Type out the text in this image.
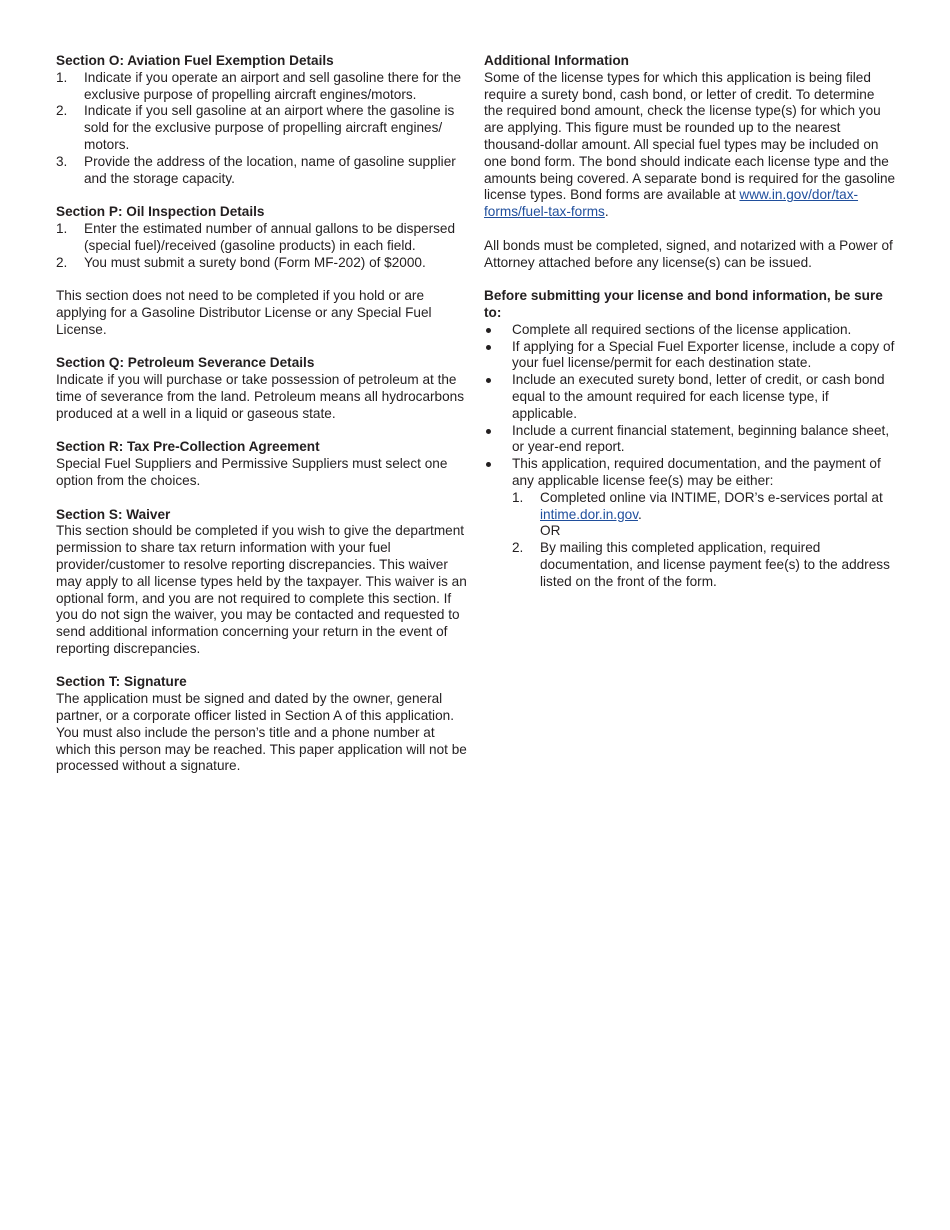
Section O: Aviation Fuel Exemption Details

1.	Indicate if you operate an airport and sell gasoline there for the exclusive purpose of propelling aircraft engines/motors.
2.	Indicate if you sell gasoline at an airport where the gasoline is sold for the exclusive purpose of propelling aircraft engines/ motors.
3.	Provide the address of the location, name of gasoline supplier and the storage capacity.

Section P: Oil Inspection Details

1.	Enter the estimated number of annual gallons to be dispersed (special fuel)/received (gasoline products) in each field.
2.	You must submit a surety bond (Form MF-202) of $2000.

This section does not need to be completed if you hold or are applying for a Gasoline Distributor License or any Special Fuel License.

Section Q: Petroleum Severance Details

Indicate if you will purchase or take possession of petroleum at the time of severance from the land. Petroleum means all hydrocarbons produced at a well in a liquid or gaseous state.

Section R: Tax Pre-Collection Agreement

Special Fuel Suppliers and Permissive Suppliers must select one option from the choices.

Section S: Waiver

This section should be completed if you wish to give the department permission to share tax return information with your fuel provider/customer to resolve reporting discrepancies. This waiver may apply to all license types held by the taxpayer. This waiver is an optional form, and you are not required to complete this section. If you do not sign the waiver, you may be contacted and requested to send additional information concerning your return in the event of reporting discrepancies.

Section T: Signature

The application must be signed and dated by the owner, general partner, or a corporate officer listed in Section A of this application. You must also include the person’s title and a phone number at which this person may be reached. This paper application will not be processed without a signature.

Additional Information

Some of the license types for which this application is being filed require a surety bond, cash bond, or letter of credit. To determine the required bond amount, check the license type(s) for which you are applying. This figure must be rounded up to the nearest thousand-dollar amount. All special fuel types may be included on one bond form. The bond should indicate each license type and the amounts being covered. A separate bond is required for the gasoline license types. Bond forms are available at www.in.gov/dor/tax-forms/fuel-tax-forms.

All bonds must be completed, signed, and notarized with a Power of Attorney attached before any license(s) can be issued.

Before submitting your license and bond information, be sure to:

Complete all required sections of the license application.
If applying for a Special Fuel Exporter license, include a copy of your fuel license/permit for each destination state.
Include an executed surety bond, letter of credit, or cash bond equal to the amount required for each license type, if applicable.
Include a current financial statement, beginning balance sheet, or year-end report.
This application, required documentation, and the payment of any applicable license fee(s) may be either:
1.	Completed online via INTIME, DOR’s e-services portal at intime.dor.in.gov.
OR
2.	By mailing this completed application, required documentation, and license payment fee(s) to the address listed on the front of the form.
